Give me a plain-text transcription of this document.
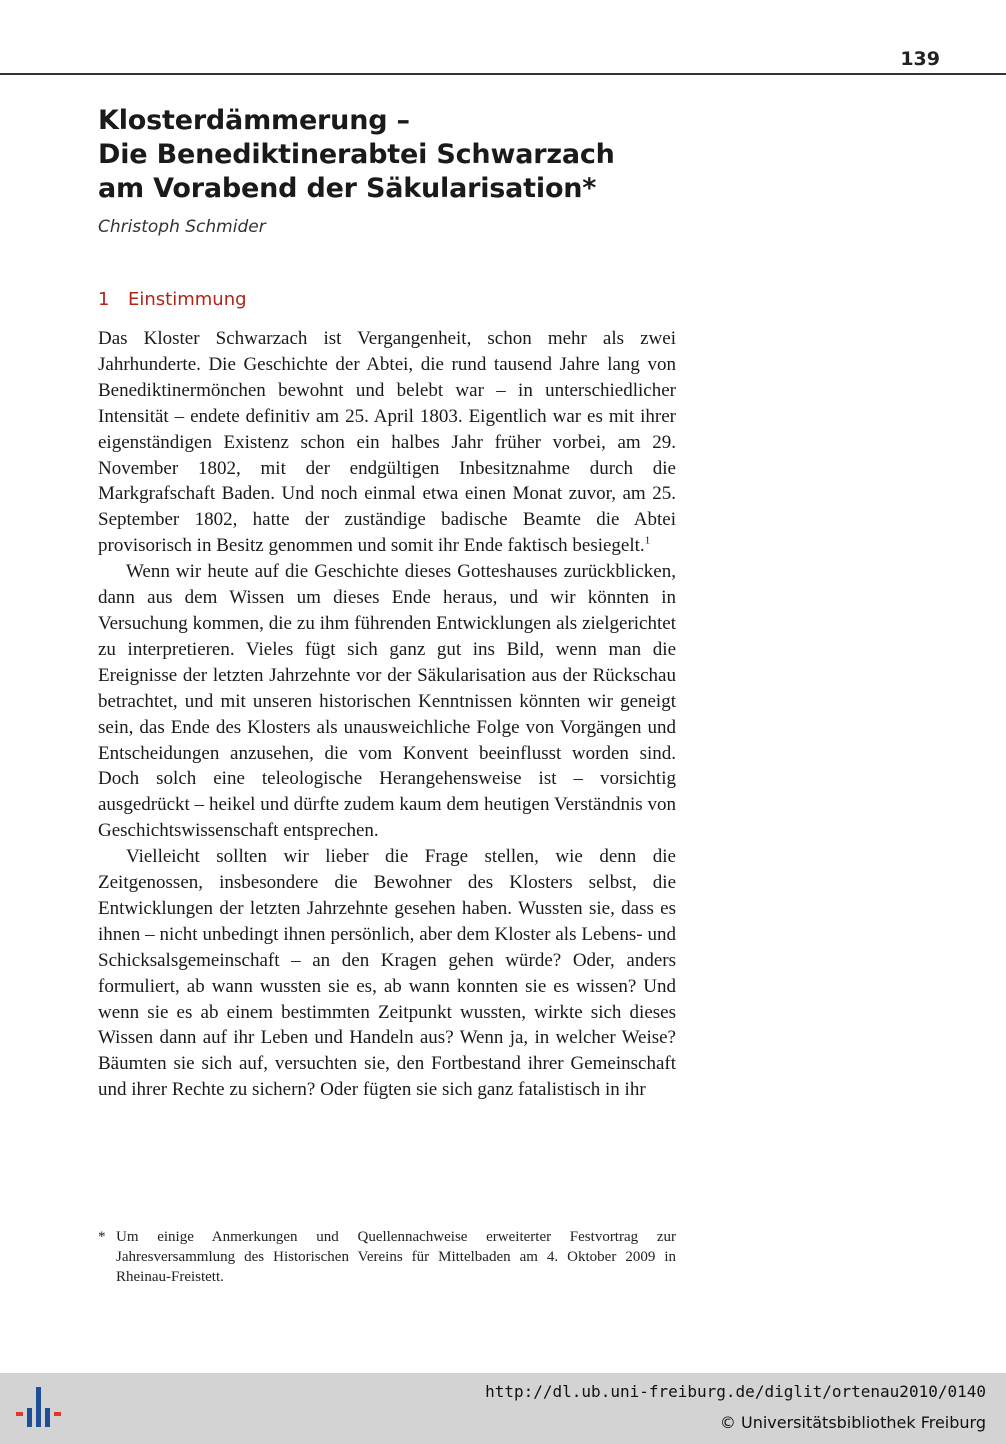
139
Klosterdämmerung –
Die Benediktinerabtei Schwarzach
am Vorabend der Säkularisation*
Christoph Schmider
1 Einstimmung

Das Kloster Schwarzach ist Vergangenheit, schon mehr als zwei Jahrhunderte. Die Geschichte der Abtei, die rund tausend Jahre lang von Benediktinermönchen bewohnt und belebt war – in unterschiedlicher Intensität – endete definitiv am 25. April 1803. Eigentlich war es mit ihrer eigenständigen Existenz schon ein halbes Jahr früher vorbei, am 29. November 1802, mit der endgültigen Inbesitznahme durch die Markgrafschaft Baden. Und noch einmal etwa einen Monat zuvor, am 25. September 1802, hatte der zuständige badische Beamte die Abtei provisorisch in Besitz genommen und somit ihr Ende faktisch besiegelt.$^1$

Wenn wir heute auf die Geschichte dieses Gotteshauses zurückblicken, dann aus dem Wissen um dieses Ende heraus, und wir könnten in Versuchung kommen, die zu ihm führenden Entwicklungen als zielgerichtet zu interpretieren. Vieles fügt sich ganz gut ins Bild, wenn man die Ereignisse der letzten Jahrzehnte vor der Säkularisation aus der Rückschau betrachtet, und mit unseren historischen Kenntnissen könnten wir geneigt sein, das Ende des Klosters als unausweichliche Folge von Vorgängen und Entscheidungen anzusehen, die vom Konvent beeinflusst worden sind. Doch solch eine teleologische Herangehensweise ist – vorsichtig ausgedrückt – heikel und dürfte zudem kaum dem heutigen Verständnis von Geschichtswissenschaft entsprechen.

Vielleicht sollten wir lieber die Frage stellen, wie denn die Zeitgenossen, insbesondere die Bewohner des Klosters selbst, die Entwicklungen der letzten Jahrzehnte gesehen haben. Wussten sie, dass es ihnen – nicht unbedingt ihnen persönlich, aber dem Kloster als Lebens- und Schicksalsgemeinschaft – an den Kragen gehen würde? Oder, anders formuliert, ab wann wussten sie es, ab wann konnten sie es wissen? Und wenn sie es ab einem bestimmten Zeitpunkt wussten, wirkte sich dieses Wissen dann auf ihr Leben und Handeln aus? Wenn ja, in welcher Weise? Bäumten sie sich auf, versuchten sie, den Fortbestand ihrer Gemeinschaft und ihrer Rechte zu sichern? Oder fügten sie sich ganz fatalistisch in ihr

* Um einige Anmerkungen und Quellennachweise erweiterter Festvortrag zur Jahresversammlung des Historischen Vereins für Mittelbaden am 4. Oktober 2009 in Rheinau-Freistett.
http://dl.ub.uni-freiburg.de/diglit/ortenau2010/0140
© Universitätsbibliothek Freiburg
